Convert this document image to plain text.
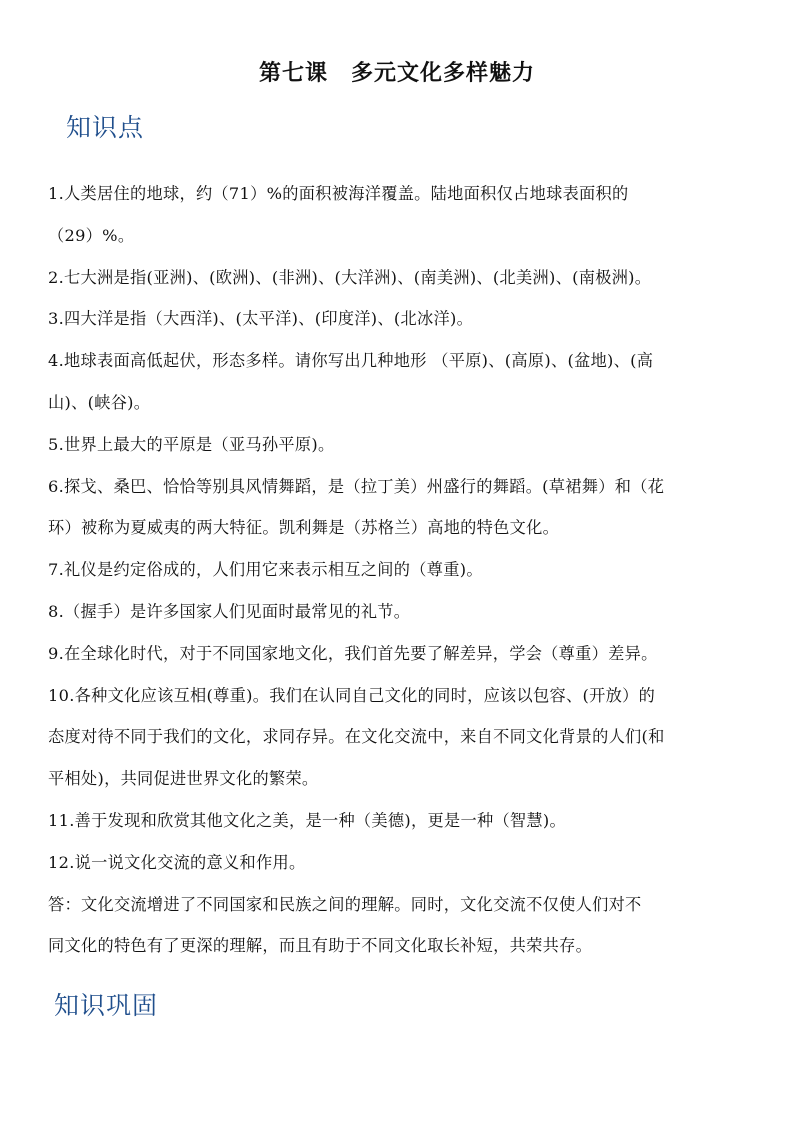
第七课　多元文化多样魅力
知识点
1.人类居住的地球，约（71）%的面积被海洋覆盖。陆地面积仅占地球表面积的
（29）%。
2.七大洲是指(亚洲)、(欧洲)、(非洲)、(大洋洲)、(南美洲)、(北美洲)、(南极洲)。
3.四大洋是指（大西洋)、(太平洋)、(印度洋)、(北冰洋)。
4.地球表面高低起伏，形态多样。请你写出几种地形 （平原)、(高原)、(盆地)、(高
山)、(峡谷)。
5.世界上最大的平原是（亚马孙平原)。
6.探戈、桑巴、恰恰等别具风情舞蹈，是（拉丁美）州盛行的舞蹈。(草裙舞）和（花
环）被称为夏威夷的两大特征。凯利舞是（苏格兰）高地的特色文化。
7.礼仪是约定俗成的，人们用它来表示相互之间的（尊重)。
8.（握手）是许多国家人们见面时最常见的礼节。
9.在全球化时代，对于不同国家地文化，我们首先要了解差异，学会（尊重）差异。
10.各种文化应该互相(尊重)。我们在认同自己文化的同时，应该以包容、(开放）的
态度对待不同于我们的文化，求同存异。在文化交流中，来自不同文化背景的人们(和
平相处)，共同促进世界文化的繁荣。
11.善于发现和欣赏其他文化之美，是一种（美德)，更是一种（智慧)。
12.说一说文化交流的意义和作用。
答：文化交流增进了不同国家和民族之间的理解。同时，文化交流不仅使人们对不
同文化的特色有了更深的理解，而且有助于不同文化取长补短，共荣共存。
知识巩固
